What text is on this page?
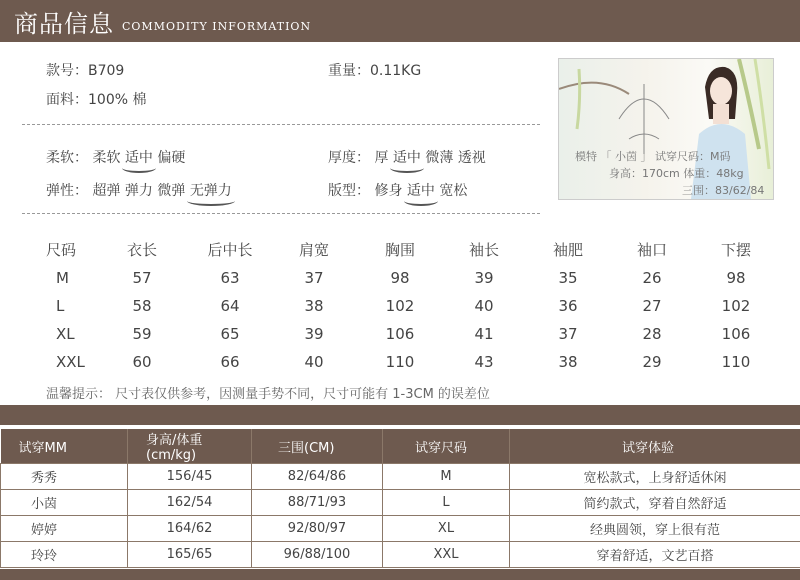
商品信息 COMMODITY INFORMATION
款号：B709	重量：0.11KG
面料：100% 棉
柔软： 柔软 适中 偏硬	厚度： 厚 适中 微薄 透视
弹性： 超弹 弹力 微弹 无弹力	版型： 修身 适中 宽松
模特 「 小茵 」 试穿尺码：M码
身高：170cm 体重：48kg
三围：83/62/84
尺码	衣长	后中长	肩宽	胸围	袖长	袖肥	袖口	下摆
M	57	63	37	98	39	35	26	98
L	58	64	38	102	40	36	27	102
XL	59	65	39	106	41	37	28	106
XXL	60	66	40	110	43	38	29	110
温馨提示： 尺寸表仅供参考，因测量手势不同，尺寸可能有 1-3CM 的误差位
试穿MM	身高/体重(cm/kg)	三围(CM)	试穿尺码	试穿体验
秀秀	156/45	82/64/86	M	宽松款式，上身舒适休闲
小茵	162/54	88/71/93	L	简约款式，穿着自然舒适
婷婷	164/62	92/80/97	XL	经典圆领，穿上很有范
玲玲	165/65	96/88/100	XXL	穿着舒适，文艺百搭
